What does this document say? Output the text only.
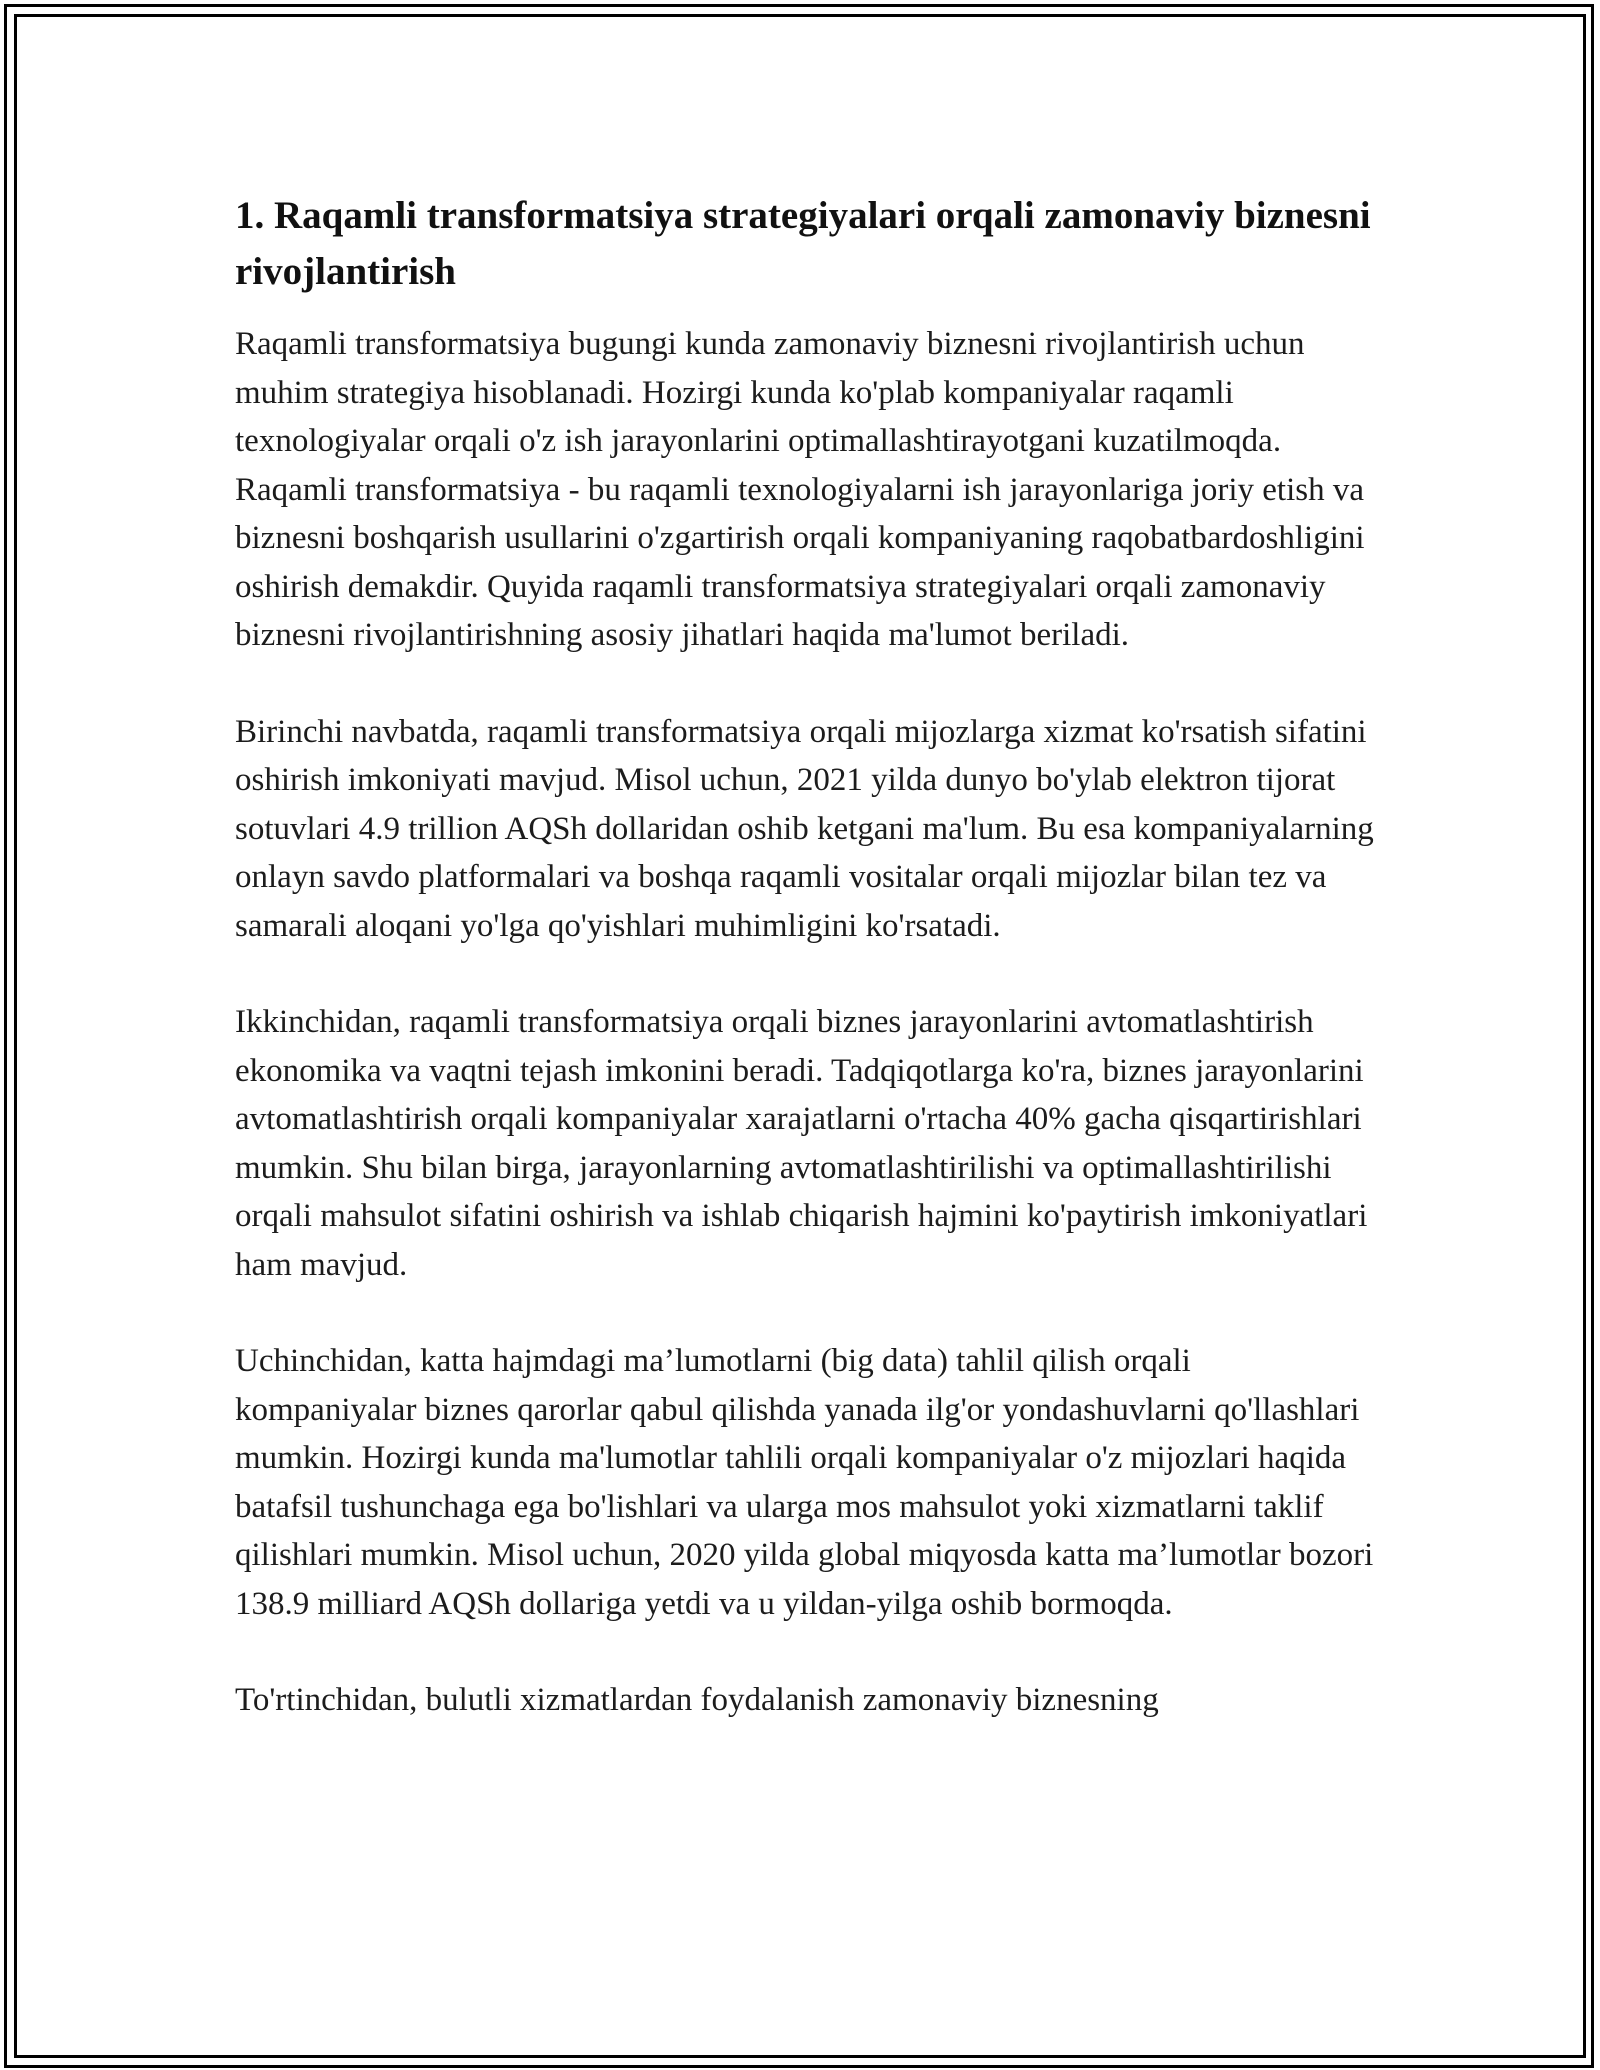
1. Raqamli transformatsiya strategiyalari orqali zamonaviy biznesni rivojlantirish

Raqamli transformatsiya bugungi kunda zamonaviy biznesni rivojlantirish uchun muhim strategiya hisoblanadi. Hozirgi kunda ko'plab kompaniyalar raqamli texnologiyalar orqali o'z ish jarayonlarini optimallashtirayotgani kuzatilmoqda. Raqamli transformatsiya - bu raqamli texnologiyalarni ish jarayonlariga joriy etish va biznesni boshqarish usullarini o'zgartirish orqali kompaniyaning raqobatbardoshligini oshirish demakdir. Quyida raqamli transformatsiya strategiyalari orqali zamonaviy biznesni rivojlantirishning asosiy jihatlari haqida ma'lumot beriladi.

Birinchi navbatda, raqamli transformatsiya orqali mijozlarga xizmat ko'rsatish sifatini oshirish imkoniyati mavjud. Misol uchun, 2021 yilda dunyo bo'ylab elektron tijorat sotuvlari 4.9 trillion AQSh dollaridan oshib ketgani ma'lum. Bu esa kompaniyalarning onlayn savdo platformalari va boshqa raqamli vositalar orqali mijozlar bilan tez va samarali aloqani yo'lga qo'yishlari muhimligini ko'rsatadi.

Ikkinchidan, raqamli transformatsiya orqali biznes jarayonlarini avtomatlashtirish ekonomika va vaqtni tejash imkonini beradi. Tadqiqotlarga ko'ra, biznes jarayonlarini avtomatlashtirish orqali kompaniyalar xarajatlarni o'rtacha 40% gacha qisqartirishlari mumkin. Shu bilan birga, jarayonlarning avtomatlashtirilishi va optimallashtirilishi orqali mahsulot sifatini oshirish va ishlab chiqarish hajmini ko'paytirish imkoniyatlari ham mavjud.

Uchinchidan, katta hajmdagi ma’lumotlarni (big data) tahlil qilish orqali kompaniyalar biznes qarorlar qabul qilishda yanada ilg'or yondashuvlarni qo'llashlari mumkin. Hozirgi kunda ma'lumotlar tahlili orqali kompaniyalar o'z mijozlari haqida batafsil tushunchaga ega bo'lishlari va ularga mos mahsulot yoki xizmatlarni taklif qilishlari mumkin. Misol uchun, 2020 yilda global miqyosda katta ma’lumotlar bozori 138.9 milliard AQSh dollariga yetdi va u yildan-yilga oshib bormoqda.

To'rtinchidan, bulutli xizmatlardan foydalanish zamonaviy biznesning
